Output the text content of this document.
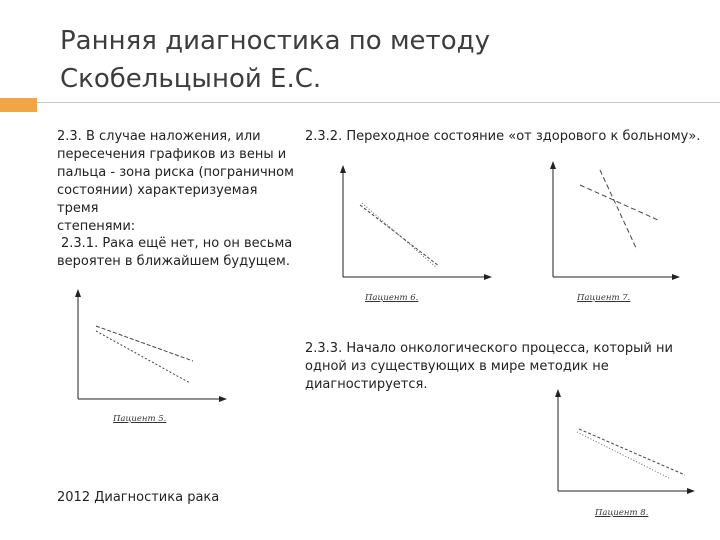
Ранняя диагностика по методу
Скобельцыной Е.С.
2.3. В случае наложения, или
пересечения графиков из вены и
пальца - зона риска (пограничном
состоянии) характеризуемая тремя
степенями:
2.3.1. Рака ещё нет, но он весьма
вероятен в ближайшем будущем.
2.3.2. Переходное состояние «от здорового к больному».
2.3.3. Начало онкологического процесса, который ни
одной из существующих в мире методик не
диагностируется.
2012 Диагностика рака
Пациент 6.	Пациент 7.
Пациент 5.
Пациент 8.
